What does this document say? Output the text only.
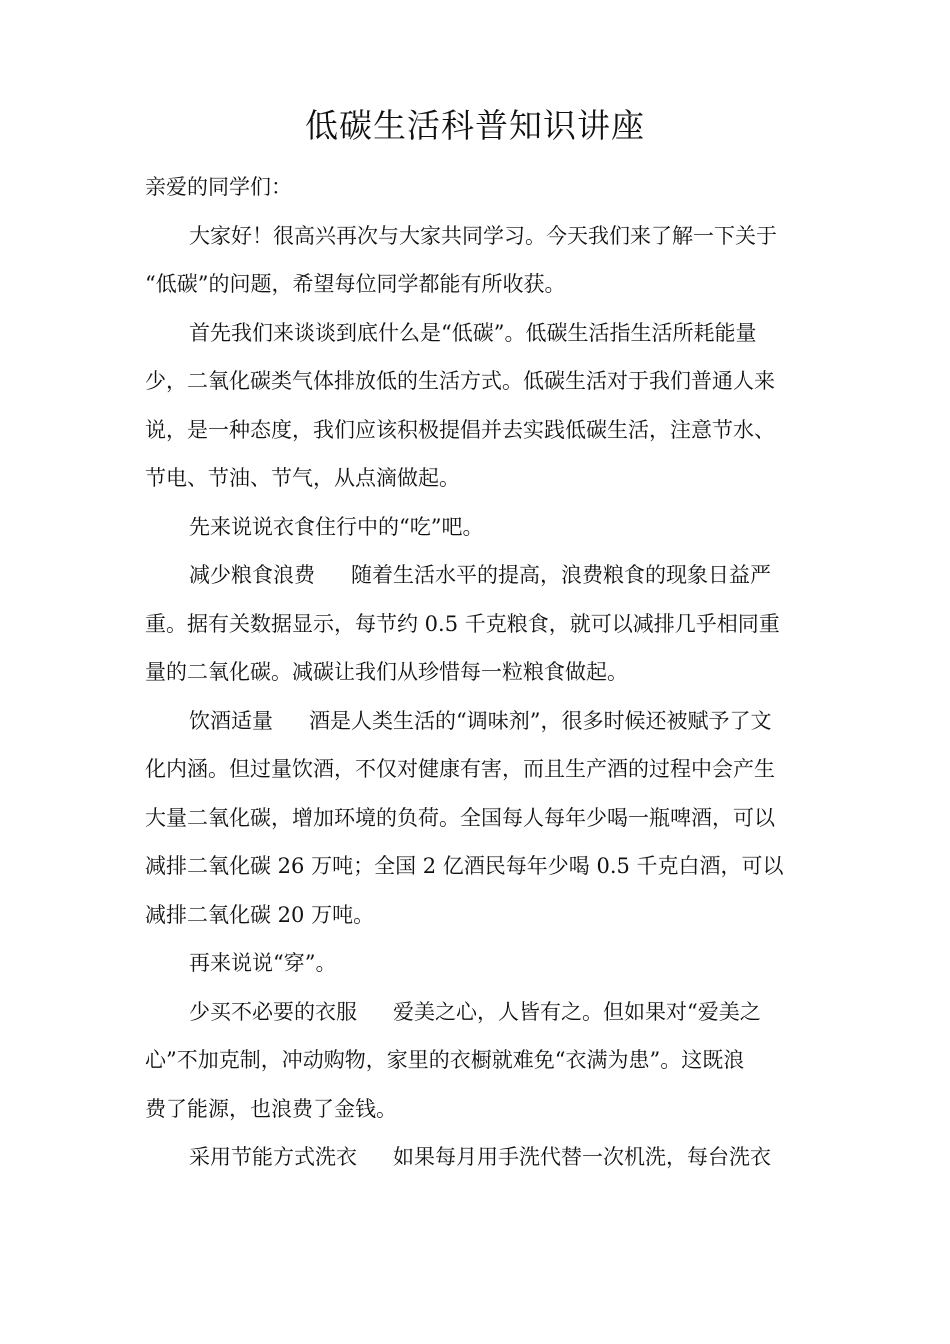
低碳生活科普知识讲座
亲爱的同学们：
大家好！很高兴再次与大家共同学习。今天我们来了解一下关于
“低碳”的问题，希望每位同学都能有所收获。
首先我们来谈谈到底什么是“低碳”。低碳生活指生活所耗能量
少，二氧化碳类气体排放低的生活方式。低碳生活对于我们普通人来
说，是一种态度，我们应该积极提倡并去实践低碳生活，注意节水、
节电、节油、节气，从点滴做起。
先来说说衣食住行中的“吃”吧。
减少粮食浪费 随着生活水平的提高，浪费粮食的现象日益严
重。据有关数据显示，每节约 0.5 千克粮食，就可以减排几乎相同重
量的二氧化碳。减碳让我们从珍惜每一粒粮食做起。
饮酒适量 酒是人类生活的“调味剂”，很多时候还被赋予了文
化内涵。但过量饮酒，不仅对健康有害，而且生产酒的过程中会产生
大量二氧化碳，增加环境的负荷。全国每人每年少喝一瓶啤酒，可以
减排二氧化碳 26 万吨；全国 2 亿酒民每年少喝 0.5 千克白酒，可以
减排二氧化碳 20 万吨。
再来说说“穿”。
少买不必要的衣服 爱美之心，人皆有之。但如果对“爱美之
心”不加克制，冲动购物，家里的衣橱就难免“衣满为患”。这既浪
费了能源，也浪费了金钱。
采用节能方式洗衣 如果每月用手洗代替一次机洗，每台洗衣
